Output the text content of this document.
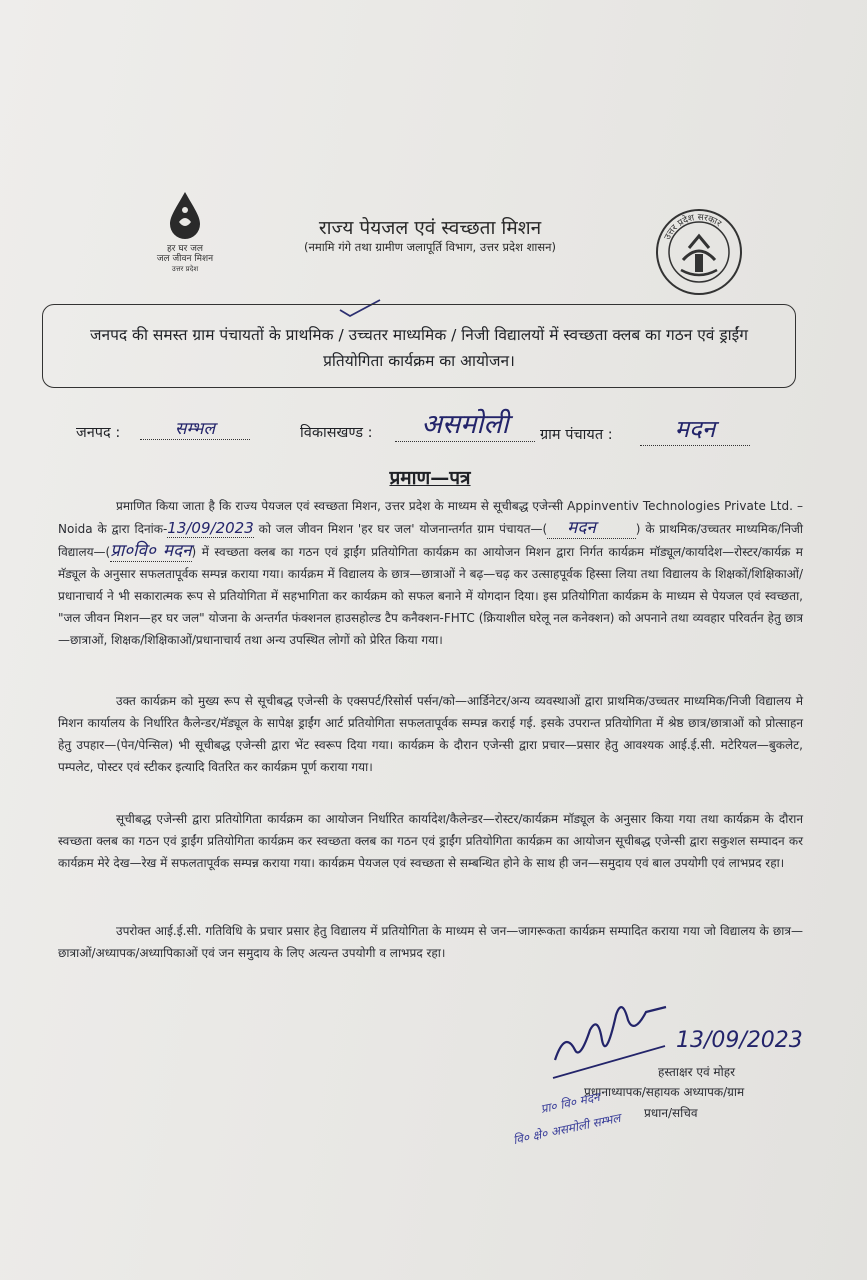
हर घर जल
जल जीवन मिशन
उत्तर प्रदेश
राज्य पेयजल एवं स्वच्छता मिशन
(नमामि गंगे तथा ग्रामीण जलापूर्ति विभाग, उत्तर प्रदेश शासन)
उत्तर प्रदेश सरकार
जनपद की समस्त ग्राम पंचायतों के प्राथमिक / उच्चतर माध्यमिक / निजी विद्यालयों में स्वच्छता क्लब का गठन एवं ड्राईंग प्रतियोगिता कार्यक्रम का आयोजन।
जनपद :	सम्भल	विकासखण्ड :	असमोली	ग्राम पंचायत :	मदन
प्रमाण—पत्र
प्रमाणित किया जाता है कि राज्य पेयजल एवं स्वच्छता मिशन, उत्तर प्रदेश के माध्यम से सूचीबद्ध एजेन्सी Appinventiv Technologies Private Ltd. – Noida के द्वारा दिनांक-13/09/2023 को जल जीवन मिशन 'हर घर जल' योजनान्तर्गत ग्राम पंचायत—( मदन	) के प्राथमिक/उच्चतर माध्यमिक/निजी विद्यालय—(प्रा०वि० मदन) में स्वच्छता क्लब का गठन एवं ड्राईंग प्रतियोगिता कार्यक्रम का आयोजन मिशन द्वारा निर्गत कार्यक्रम मॉड्यूल/कार्यादेश—रोस्टर/कार्यक्र म मॅड्यूल के अनुसार सफलतापूर्वक सम्पन्न कराया गया। कार्यक्रम में विद्यालय के छात्र—छात्राओं ने बढ़—चढ़ कर उत्साहपूर्वक हिस्सा लिया तथा विद्यालय के शिक्षकों/शिक्षिकाओं/प्रधानाचार्य ने भी सकारात्मक रूप से प्रतियोगिता में सहभागिता कर कार्यक्रम को सफल बनाने में योगदान दिया। इस प्रतियोगिता कार्यक्रम के माध्यम से पेयजल एवं स्वच्छता, "जल जीवन मिशन—हर घर जल" योजना के अन्तर्गत फंक्शनल हाउसहोल्ड टैप कनैक्शन-FHTC (क्रियाशील घरेलू नल कनेक्शन) को अपनाने तथा व्यवहार परिवर्तन हेतु छात्र—छात्राओं, शिक्षक/शिक्षिकाओं/प्रधानाचार्य तथा अन्य उपस्थित लोगों को प्रेरित किया गया।
उक्त कार्यक्रम को मुख्य रूप से सूचीबद्ध एजेन्सी के एक्सपर्ट/रिसोर्स पर्सन/को—आर्डिनेटर/अन्य व्यवस्थाओं द्वारा प्राथमिक/उच्चतर माध्यमिक/निजी विद्यालय मे मिशन कार्यालय के निर्धारित कैलेन्डर/मॅड्यूल के सापेक्ष ड्राईंग आर्ट प्रतियोगिता सफलतापूर्वक सम्पन्न कराई गई. इसके उपरान्त प्रतियोगिता में श्रेष्ठ छात्र/छात्राओं को प्रोत्साहन हेतु उपहार—(पेन/पेन्सिल) भी सूचीबद्ध एजेन्सी द्वारा भेंट स्वरूप दिया गया। कार्यक्रम के दौरान एजेन्सी द्वारा प्रचार—प्रसार हेतु आवश्यक आई.ई.सी. मटेरियल—बुकलेट, पम्पलेट, पोस्टर एवं स्टीकर इत्यादि वितरित कर कार्यक्रम पूर्ण कराया गया।
सूचीबद्ध एजेन्सी द्वारा प्रतियोगिता कार्यक्रम का आयोजन निर्धारित कार्यादेश/कैलेन्डर—रोस्टर/कार्यक्रम मॉड्यूल के अनुसार किया गया तथा कार्यक्रम के दौरान स्वच्छता क्लब का गठन एवं ड्राईंग प्रतियोगिता कार्यक्रम कर स्वच्छता क्लब का गठन एवं ड्राईंग प्रतियोगिता कार्यक्रम का आयोजन सूचीबद्ध एजेन्सी द्वारा सकुशल सम्पादन कर कार्यक्रम मेरे देख—रेख में सफलतापूर्वक सम्पन्न कराया गया। कार्यक्रम पेयजल एवं स्वच्छता से सम्बन्धित होने के साथ ही जन—समुदाय एवं बाल उपयोगी एवं लाभप्रद रहा।
उपरोक्त आई.ई.सी. गतिविधि के प्रचार प्रसार हेतु विद्यालय में प्रतियोगिता के माध्यम से जन—जागरूकता कार्यक्रम सम्पादित कराया गया जो विद्यालय के छात्र—छात्राओं/अध्यापक/अध्यापिकाओं एवं जन समुदाय के लिए अत्यन्त उपयोगी व लाभप्रद रहा।
13/09/2023
हस्ताक्षर एवं मोहर
प्रधानाध्यापक/सहायक अध्यापक/ग्राम
प्रधान/सचिव
प्रा० वि० मदन
वि० क्षे० असमोली सम्भल
